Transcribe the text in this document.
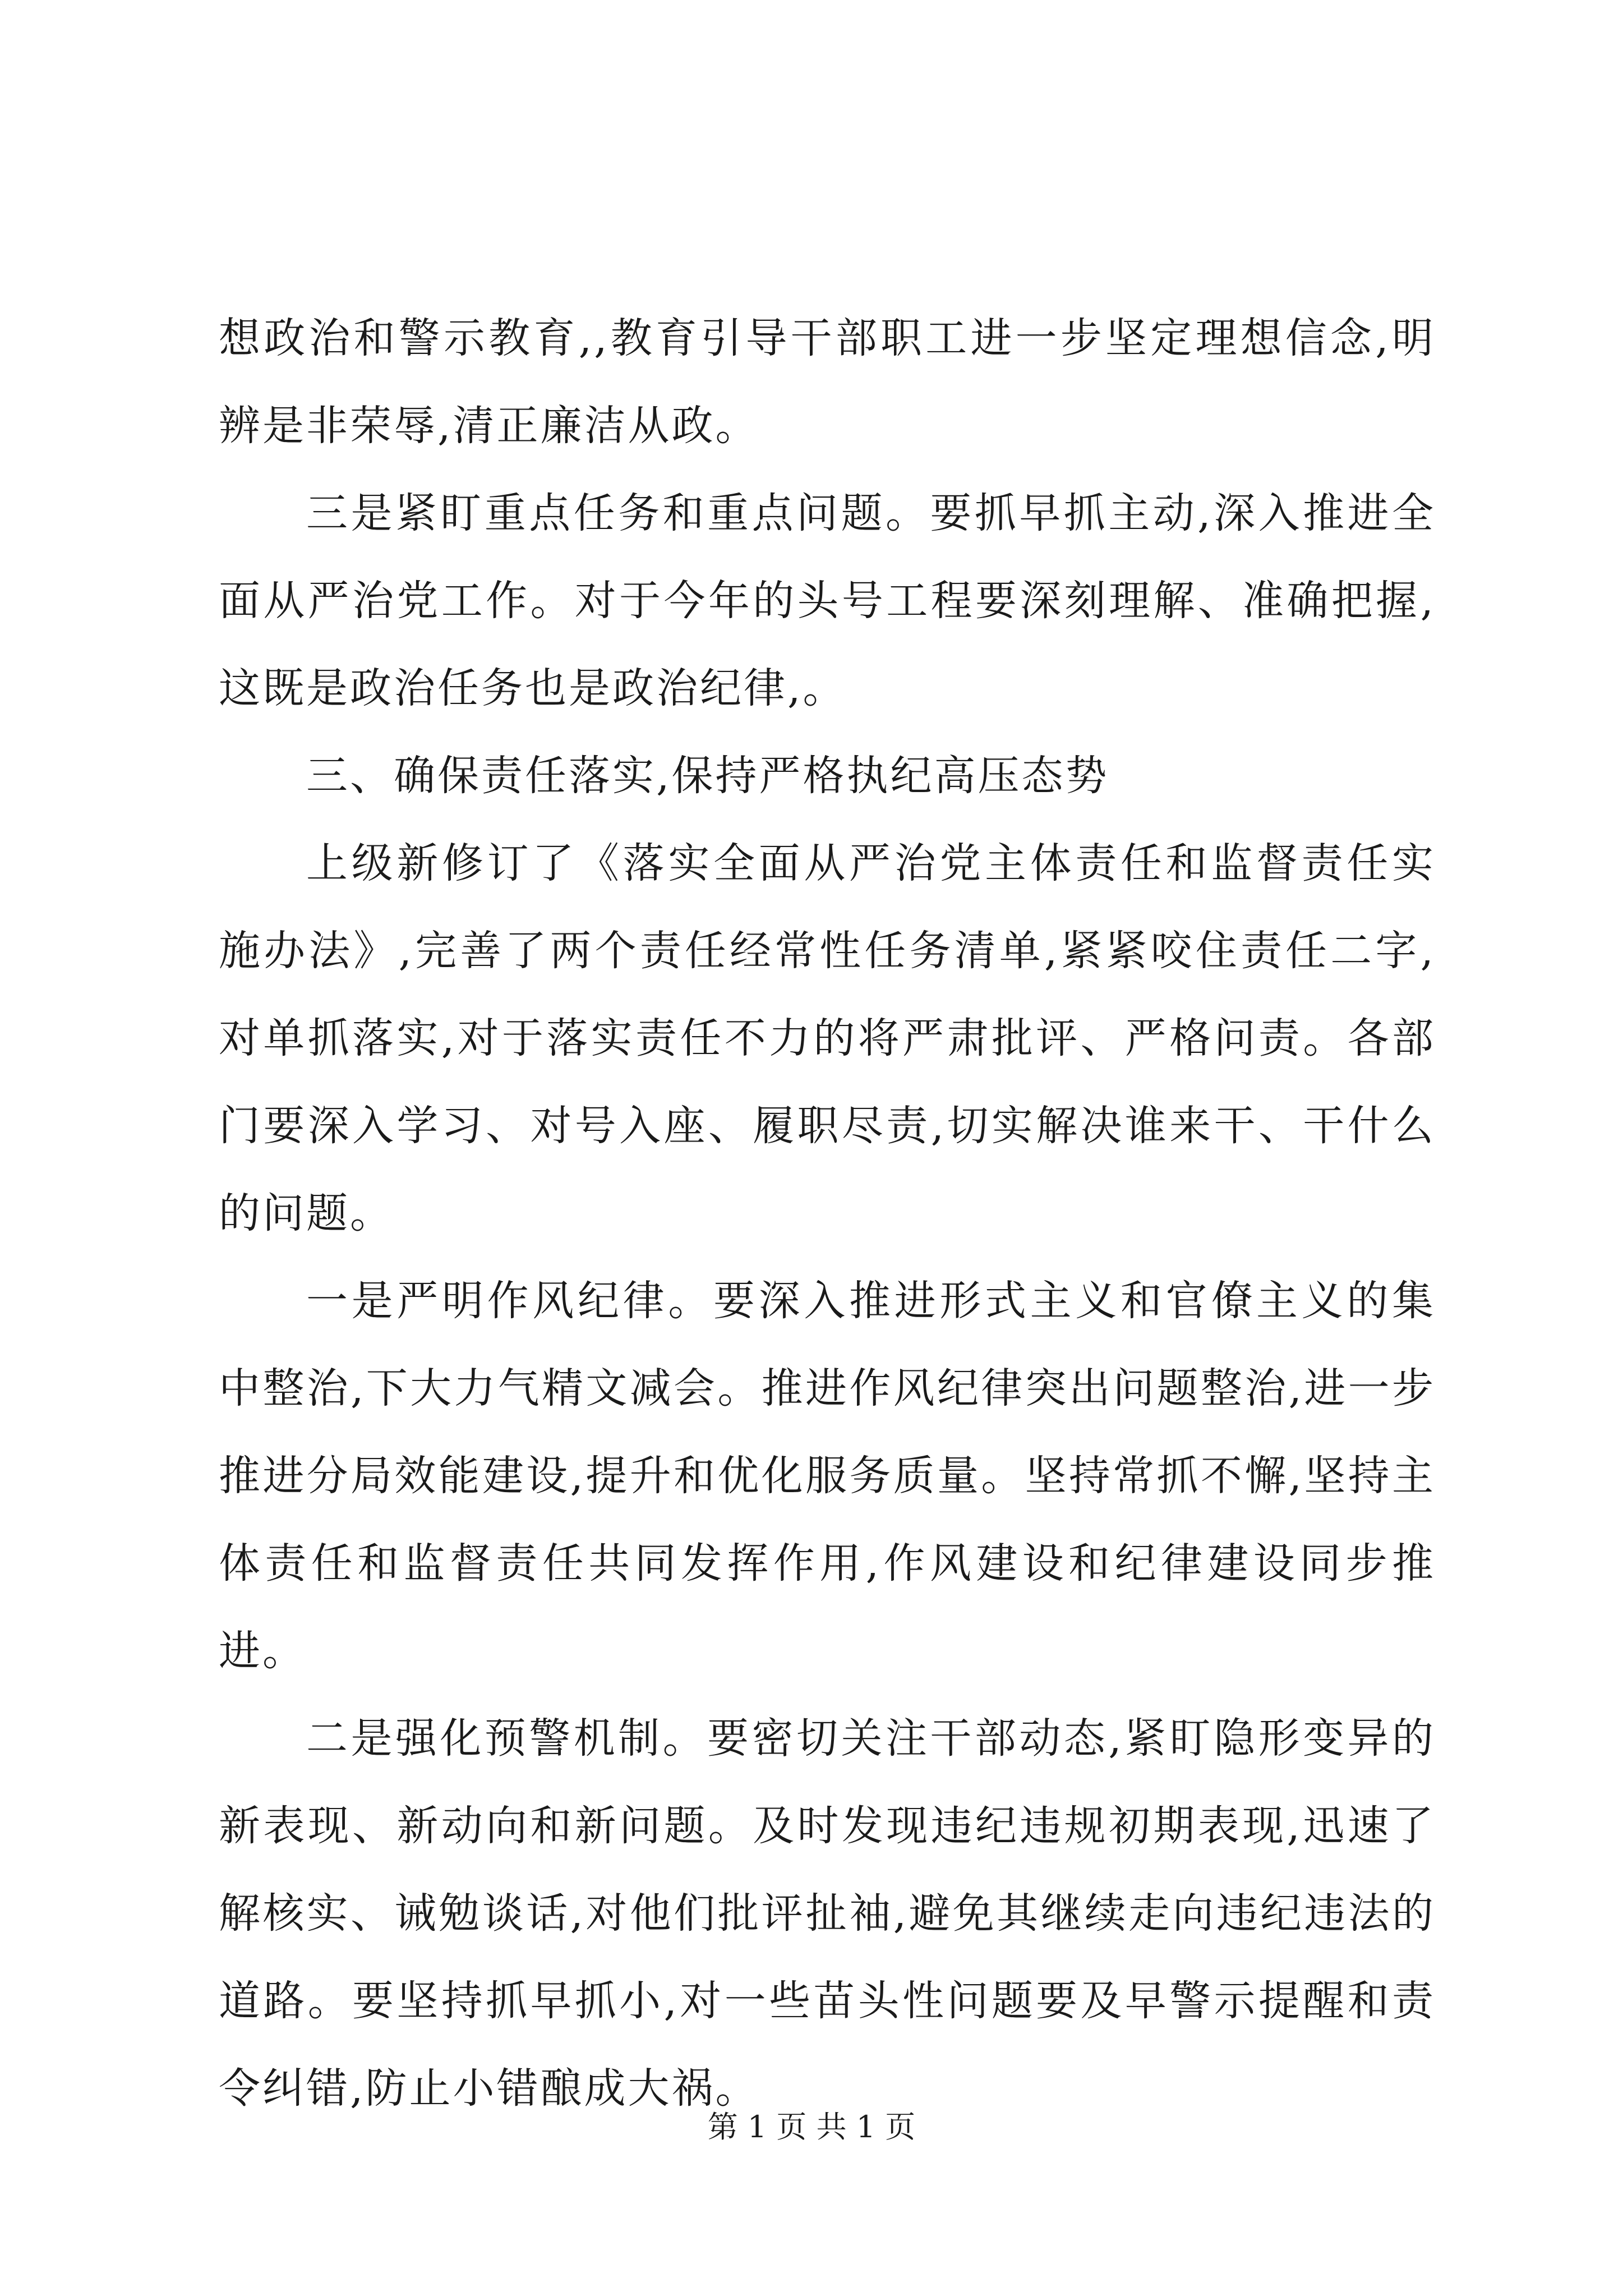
想政治和警示教育,,教育引导干部职工进一步坚定理想信念,明辨是非荣辱,清正廉洁从政。

三是紧盯重点任务和重点问题。要抓早抓主动,深入推进全面从严治党工作。对于今年的头号工程要深刻理解、准确把握,这既是政治任务也是政治纪律,。

三、确保责任落实,保持严格执纪高压态势

上级新修订了《落实全面从严治党主体责任和监督责任实施办法》,完善了两个责任经常性任务清单,紧紧咬住责任二字,对单抓落实,对于落实责任不力的将严肃批评、严格问责。各部门要深入学习、对号入座、履职尽责,切实解决谁来干、干什么的问题。

一是严明作风纪律。要深入推进形式主义和官僚主义的集中整治,下大力气精文减会。推进作风纪律突出问题整治,进一步推进分局效能建设,提升和优化服务质量。坚持常抓不懈,坚持主体责任和监督责任共同发挥作用,作风建设和纪律建设同步推进。

二是强化预警机制。要密切关注干部动态,紧盯隐形变异的新表现、新动向和新问题。及时发现违纪违规初期表现,迅速了解核实、诫勉谈话,对他们批评扯袖,避免其继续走向违纪违法的道路。要坚持抓早抓小,对一些苗头性问题要及早警示提醒和责令纠错,防止小错酿成大祸。

第 1 页 共 1 页
